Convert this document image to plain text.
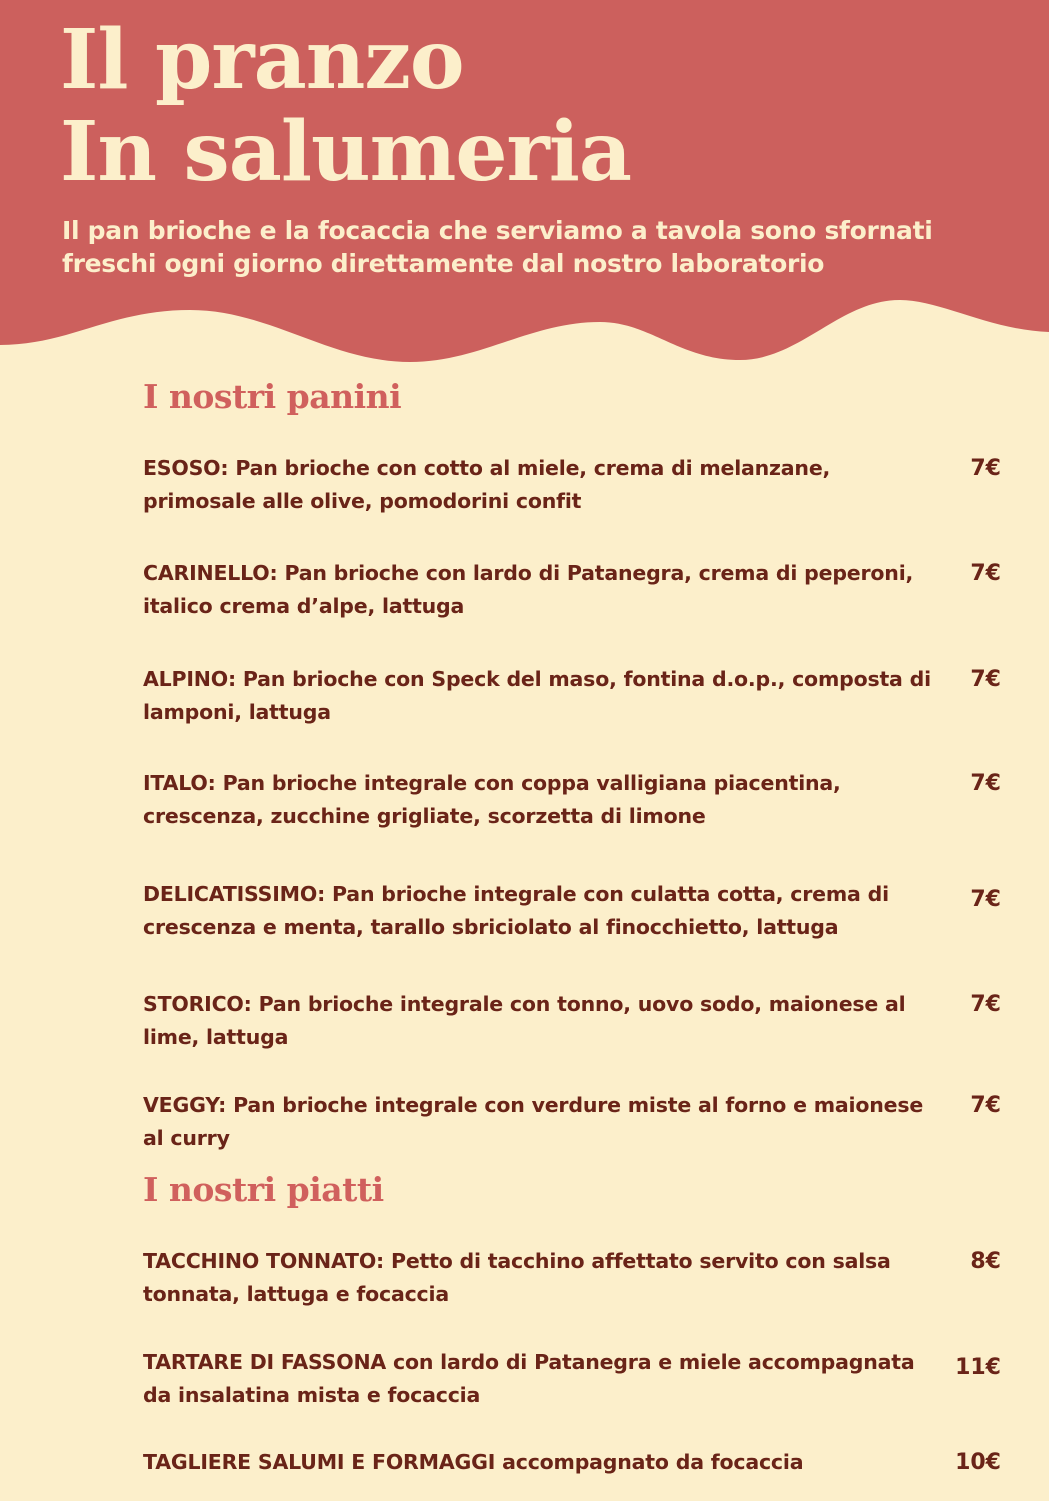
Il pranzo
In salumeria

Il pan brioche e la focaccia che serviamo a tavola sono sfornati freschi ogni giorno direttamente dal nostro laboratorio

I nostri panini
ESOSO: Pan brioche con cotto al miele, crema di melanzane, primosale alle olive, pomodorini confit
7€
CARINELLO: Pan brioche con lardo di Patanegra, crema di peperoni, italico crema d’alpe, lattuga
7€
ALPINO: Pan brioche con Speck del maso, fontina d.o.p., composta di lamponi, lattuga
7€
ITALO: Pan brioche integrale con coppa valligiana piacentina, crescenza, zucchine grigliate, scorzetta di limone
7€
DELICATISSIMO: Pan brioche integrale con culatta cotta, crema di crescenza e menta, tarallo sbriciolato al finocchietto, lattuga
7€
STORICO: Pan brioche integrale con tonno, uovo sodo, maionese al lime, lattuga
7€
VEGGY: Pan brioche integrale con verdure miste al forno e maionese al curry
7€
I nostri piatti
TACCHINO TONNATO: Petto di tacchino affettato servito con salsa tonnata, lattuga e focaccia
8€
TARTARE DI FASSONA con lardo di Patanegra e miele accompagnata da insalatina mista e focaccia
11€
TAGLIERE SALUMI E FORMAGGI accompagnato da focaccia	10€
